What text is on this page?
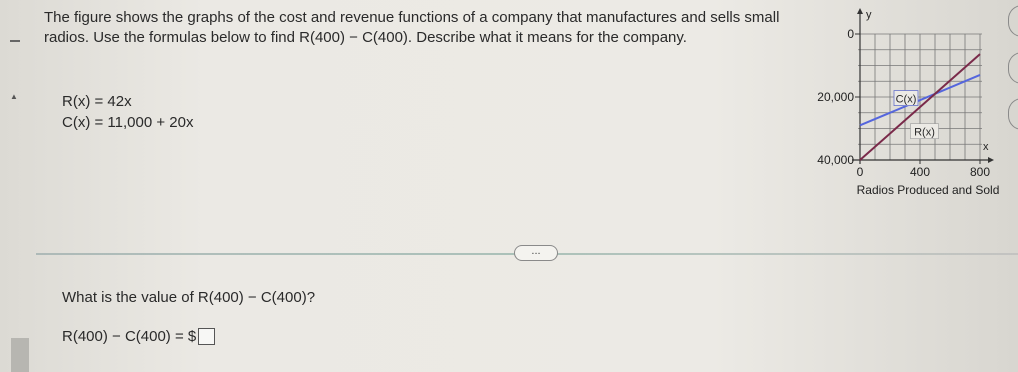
▲
The figure shows the graphs of the cost and revenue functions of a company that manufactures and sells small radios. Use the formulas below to find R(400) − C(400). Describe what it means for the company.
R(x) = 42x
C(x) = 11,000 + 20x
40,000
20,000
0
0	400	800
y
x
C(x)
R(x)
Radios Produced and Sold
...
What is the value of R(400) − C(400)?
R(400) − C(400) = $
